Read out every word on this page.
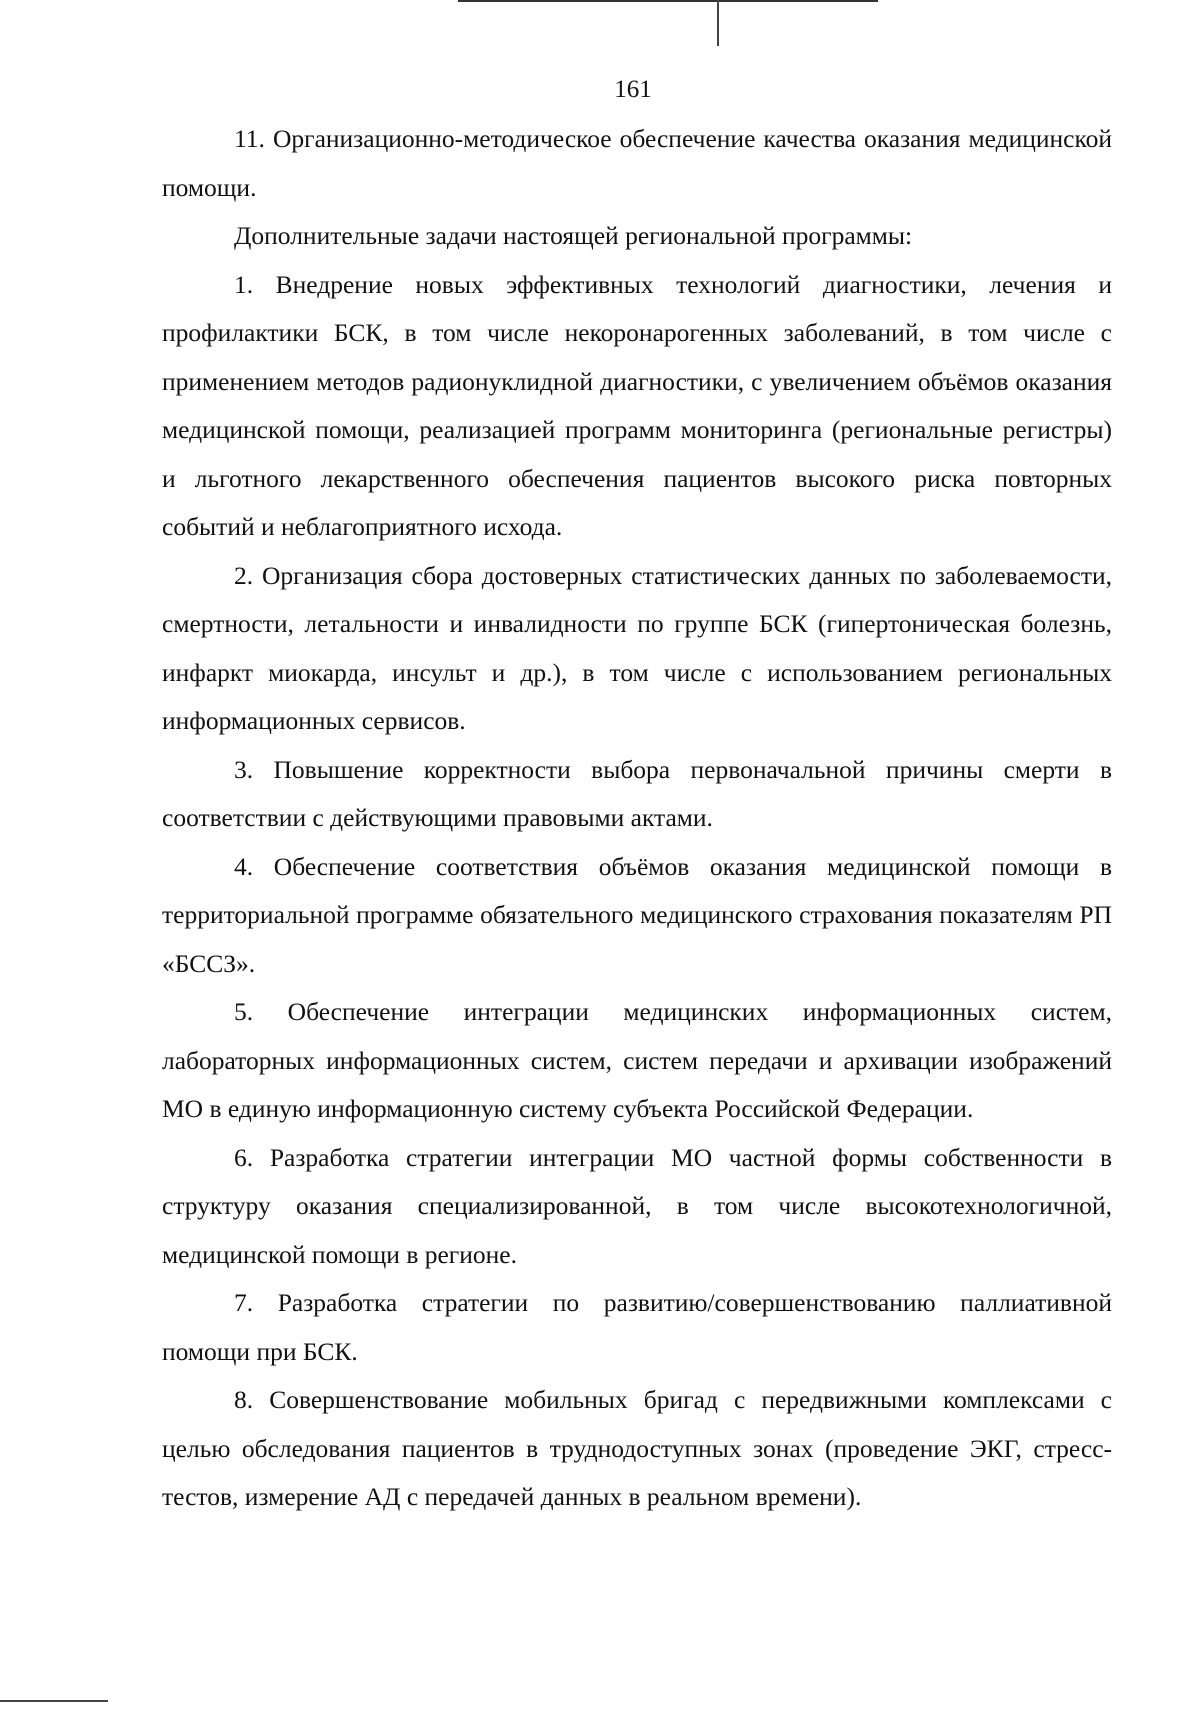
161

11. Организационно-методическое обеспечение качества оказания медицинской помощи.

Дополнительные задачи настоящей региональной программы:

1. Внедрение новых эффективных технологий диагностики, лечения и профилактики БСК, в том числе некоронарогенных заболеваний, в том числе с применением методов радионуклидной диагностики, с увеличением объёмов оказания медицинской помощи, реализацией программ мониторинга (региональные регистры) и льготного лекарственного обеспечения пациентов высокого риска повторных событий и неблагоприятного исхода.

2. Организация сбора достоверных статистических данных по заболеваемости, смертности, летальности и инвалидности по группе БСК (гипертоническая болезнь, инфаркт миокарда, инсульт и др.), в том числе с использованием региональных информационных сервисов.

3. Повышение корректности выбора первоначальной причины смерти в соответствии с действующими правовыми актами.

4. Обеспечение соответствия объёмов оказания медицинской помощи в территориальной программе обязательного медицинского страхования показателям РП «БССЗ».

5. Обеспечение интеграции медицинских информационных систем, лабораторных информационных систем, систем передачи и архивации изображений МО в единую информационную систему субъекта Российской Федерации.

6. Разработка стратегии интеграции МО частной формы собственности в структуру оказания специализированной, в том числе высокотехнологичной, медицинской помощи в регионе.

7. Разработка стратегии по развитию/совершенствованию паллиативной помощи при БСК.

8. Совершенствование мобильных бригад с передвижными комплексами с целью обследования пациентов в труднодоступных зонах (проведение ЭКГ, стресс-тестов, измерение АД с передачей данных в реальном времени).
